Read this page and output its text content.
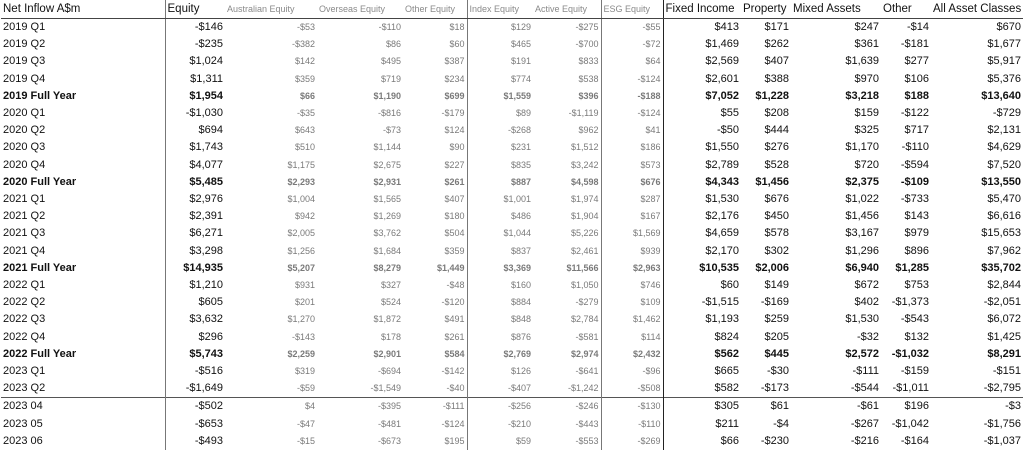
Net Inflow A$m	Equity	Australian Equity	Overseas Equity	Other Equity	Index Equity	Active Equity	ESG Equity	Fixed Income	Property	Mixed Assets	Other	All Asset Classes
2019 Q1	-$146	-$53	-$110	$18	$129	-$275	-$55	$413	$171	$247	-$14	$670
2019 Q2	-$235	-$382	$86	$60	$465	-$700	-$72	$1,469	$262	$361	-$181	$1,677
2019 Q3	$1,024	$142	$495	$387	$191	$833	$64	$2,569	$407	$1,639	$277	$5,917
2019 Q4	$1,311	$359	$719	$234	$774	$538	-$124	$2,601	$388	$970	$106	$5,376
2019 Full Year	$1,954	$66	$1,190	$699	$1,559	$396	-$188	$7,052	$1,228	$3,218	$188	$13,640
2020 Q1	-$1,030	-$35	-$816	-$179	$89	-$1,119	-$124	$55	$208	$159	-$122	-$729
2020 Q2	$694	$643	-$73	$124	-$268	$962	$41	-$50	$444	$325	$717	$2,131
2020 Q3	$1,743	$510	$1,144	$90	$231	$1,512	$186	$1,550	$276	$1,170	-$110	$4,629
2020 Q4	$4,077	$1,175	$2,675	$227	$835	$3,242	$573	$2,789	$528	$720	-$594	$7,520
2020 Full Year	$5,485	$2,293	$2,931	$261	$887	$4,598	$676	$4,343	$1,456	$2,375	-$109	$13,550
2021 Q1	$2,976	$1,004	$1,565	$407	$1,001	$1,974	$287	$1,530	$676	$1,022	-$733	$5,470
2021 Q2	$2,391	$942	$1,269	$180	$486	$1,904	$167	$2,176	$450	$1,456	$143	$6,616
2021 Q3	$6,271	$2,005	$3,762	$504	$1,044	$5,226	$1,569	$4,659	$578	$3,167	$979	$15,653
2021 Q4	$3,298	$1,256	$1,684	$359	$837	$2,461	$939	$2,170	$302	$1,296	$896	$7,962
2021 Full Year	$14,935	$5,207	$8,279	$1,449	$3,369	$11,566	$2,963	$10,535	$2,006	$6,940	$1,285	$35,702
2022 Q1	$1,210	$931	$327	-$48	$160	$1,050	$746	$60	$149	$672	$753	$2,844
2022 Q2	$605	$201	$524	-$120	$884	-$279	$109	-$1,515	-$169	$402	-$1,373	-$2,051
2022 Q3	$3,632	$1,270	$1,872	$491	$848	$2,784	$1,462	$1,193	$259	$1,530	-$543	$6,072
2022 Q4	$296	-$143	$178	$261	$876	-$581	$114	$824	$205	-$32	$132	$1,425
2022 Full Year	$5,743	$2,259	$2,901	$584	$2,769	$2,974	$2,432	$562	$445	$2,572	-$1,032	$8,291
2023 Q1	-$516	$319	-$694	-$142	$126	-$641	-$96	$665	-$30	-$111	-$159	-$151
2023 Q2	-$1,649	-$59	-$1,549	-$40	-$407	-$1,242	-$508	$582	-$173	-$544	-$1,011	-$2,795
2023 04	-$502	$4	-$395	-$111	-$256	-$246	-$130	$305	$61	-$61	$196	-$3
2023 05	-$653	-$47	-$481	-$124	-$210	-$443	-$110	$211	-$4	-$267	-$1,042	-$1,756
2023 06	-$493	-$15	-$673	$195	$59	-$553	-$269	$66	-$230	-$216	-$164	-$1,037
